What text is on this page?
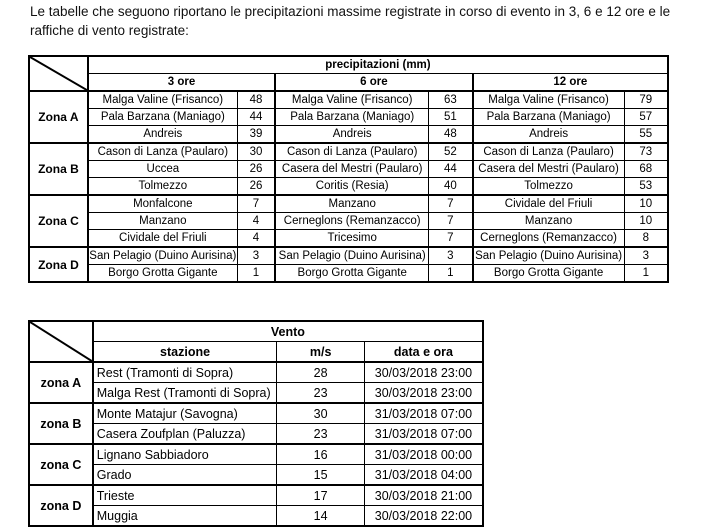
Le tabelle che seguono riportano le precipitazioni massime registrate in corso di evento in 3, 6 e 12 ore e le raffiche di vento registrate:
	precipitazioni (mm)					
	3 ore		6 ore		12 ore	
Zona A	Malga Valine (Frisanco)	48	Malga Valine (Frisanco)	63	Malga Valine (Frisanco)	79
	Pala Barzana (Maniago)	44	Pala Barzana (Maniago)	51	Pala Barzana (Maniago)	57
	Andreis	39	Andreis	48	Andreis	55
Zona B	Cason di Lanza (Paularo)	30	Cason di Lanza (Paularo)	52	Cason di Lanza (Paularo)	73
	Uccea	26	Casera del Mestri (Paularo)	44	Casera del Mestri (Paularo)	68
	Tolmezzo	26	Coritis (Resia)	40	Tolmezzo	53
Zona C	Monfalcone	7	Manzano	7	Cividale del Friuli	10
	Manzano	4	Cerneglons (Remanzacco)	7	Manzano	10
	Cividale del Friuli	4	Tricesimo	7	Cerneglons (Remanzacco)	8
Zona D	San Pelagio (Duino Aurisina)	3	San Pelagio (Duino Aurisina)	3	San Pelagio (Duino Aurisina)	3
	Borgo Grotta Gigante	1	Borgo Grotta Gigante	1	Borgo Grotta Gigante	1
	Vento		
	stazione	m/s	data e ora
zona A	Rest (Tramonti di Sopra)	28	30/03/2018 23:00
	Malga Rest (Tramonti di Sopra)	23	30/03/2018 23:00
zona B	Monte Matajur (Savogna)	30	31/03/2018 07:00
	Casera Zoufplan (Paluzza)	23	31/03/2018 07:00
zona C	Lignano Sabbiadoro	16	31/03/2018 00:00
	Grado	15	31/03/2018 04:00
zona D	Trieste	17	30/03/2018 21:00
	Muggia	14	30/03/2018 22:00
